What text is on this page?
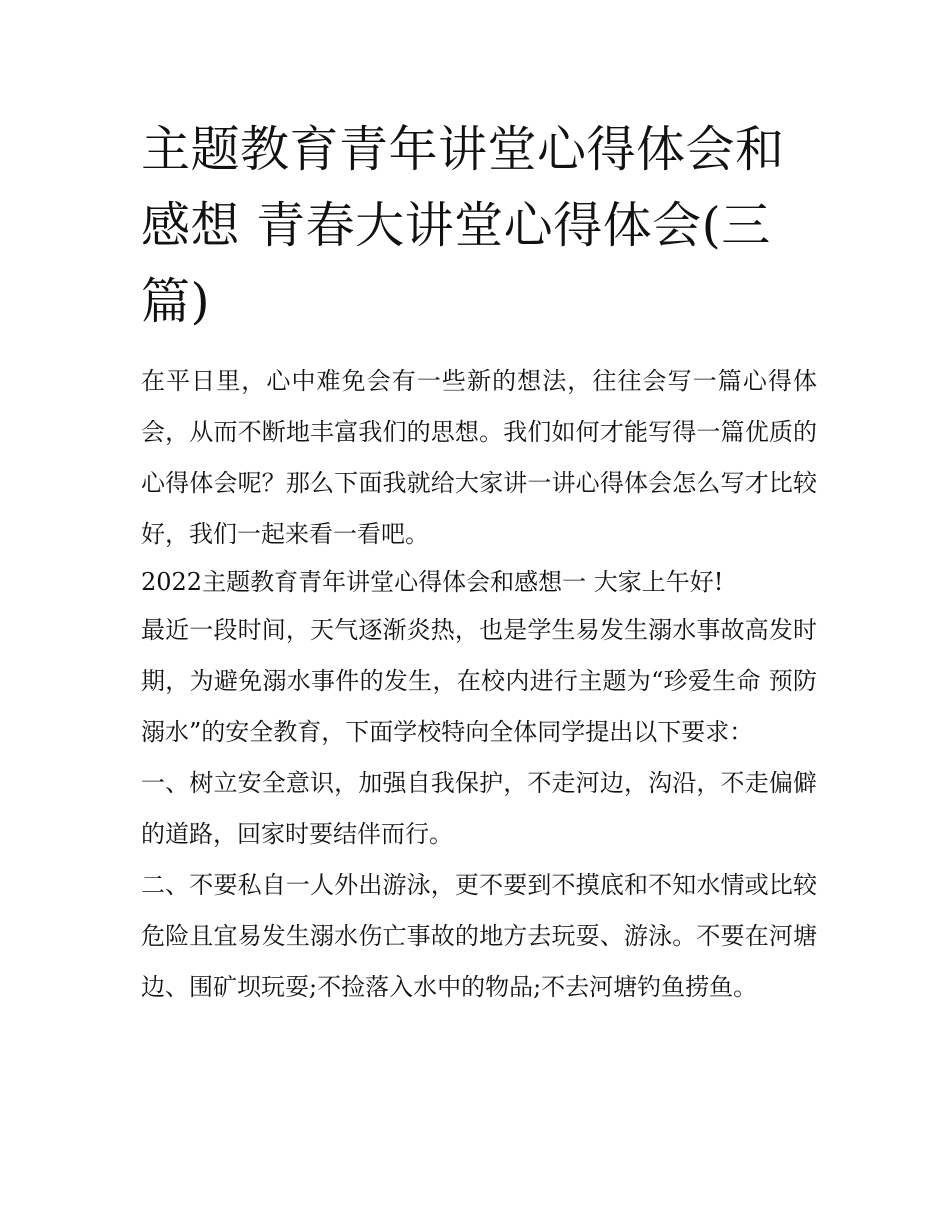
主题教育青年讲堂心得体会和感想 青春大讲堂心得体会(三篇)

在平日里，心中难免会有一些新的想法，往往会写一篇心得体会，从而不断地丰富我们的思想。我们如何才能写得一篇优质的心得体会呢？那么下面我就给大家讲一讲心得体会怎么写才比较好，我们一起来看一看吧。

2022主题教育青年讲堂心得体会和感想一 大家上午好!

最近一段时间，天气逐渐炎热，也是学生易发生溺水事故高发时期，为避免溺水事件的发生，在校内进行主题为“珍爱生命 预防溺水”的安全教育，下面学校特向全体同学提出以下要求：

一、树立安全意识，加强自我保护，不走河边，沟沿，不走偏僻的道路，回家时要结伴而行。

二、不要私自一人外出游泳，更不要到不摸底和不知水情或比较危险且宜易发生溺水伤亡事故的地方去玩耍、游泳。不要在河塘边、围矿坝玩耍;不捡落入水中的物品;不去河塘钓鱼捞鱼。
